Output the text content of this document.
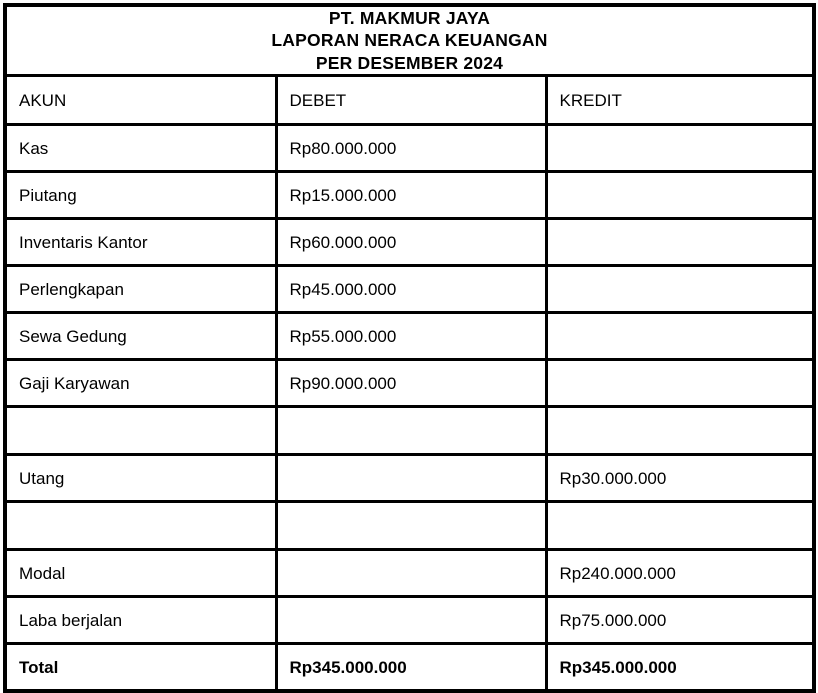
PT. MAKMUR JAYA
LAPORAN NERACA KEUANGAN
PER DESEMBER 2024		

AKUN	DEBET	KREDIT
Kas	Rp80.000.000	
Piutang	Rp15.000.000	
Inventaris Kantor	Rp60.000.000	
Perlengkapan	Rp45.000.000	
Sewa Gedung	Rp55.000.000	
Gaji Karyawan	Rp90.000.000	

Utang		Rp30.000.000

Modal		Rp240.000.000
Laba berjalan		Rp75.000.000
Total	Rp345.000.000	Rp345.000.000
